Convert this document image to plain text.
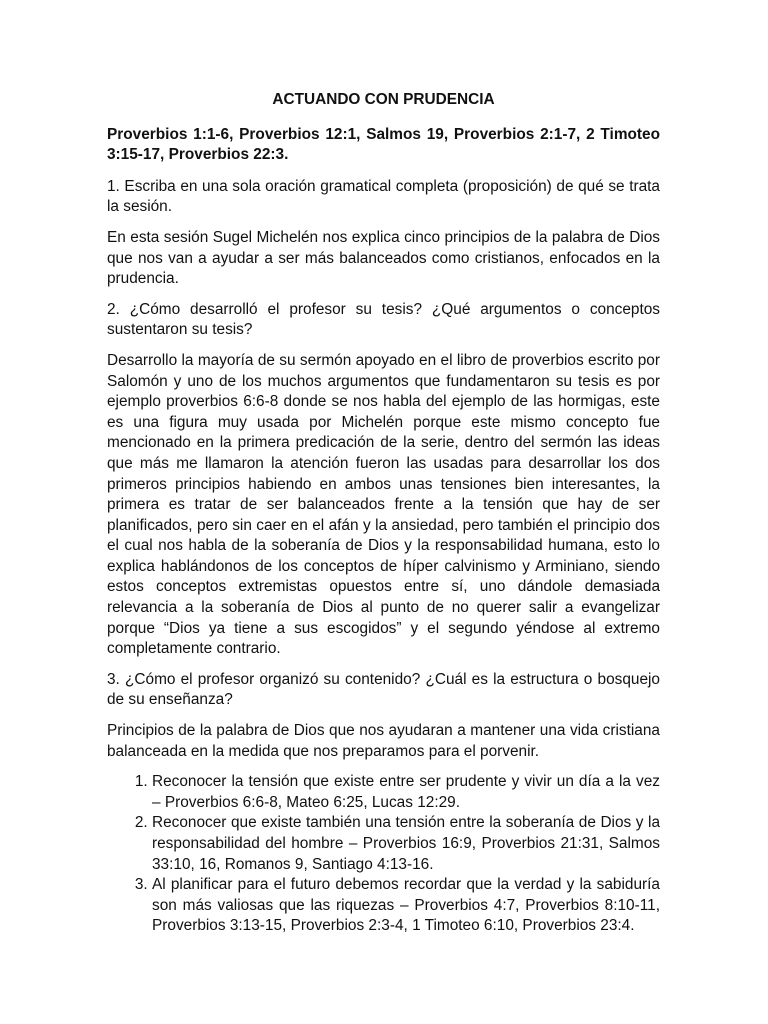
ACTUANDO CON PRUDENCIA

Proverbios 1:1-6, Proverbios 12:1, Salmos 19, Proverbios 2:1-7, 2 Timoteo 3:15-17, Proverbios 22:3.

1. Escriba en una sola oración gramatical completa (proposición) de qué se trata la sesión.

En esta sesión Sugel Michelén nos explica cinco principios de la palabra de Dios que nos van a ayudar a ser más balanceados como cristianos, enfocados en la prudencia.

2. ¿Cómo desarrolló el profesor su tesis? ¿Qué argumentos o conceptos sustentaron su tesis?

Desarrollo la mayoría de su sermón apoyado en el libro de proverbios escrito por Salomón y uno de los muchos argumentos que fundamentaron su tesis es por ejemplo proverbios 6:6-8 donde se nos habla del ejemplo de las hormigas, este es una figura muy usada por Michelén porque este mismo concepto fue mencionado en la primera predicación de la serie, dentro del sermón las ideas que más me llamaron la atención fueron las usadas para desarrollar los dos primeros principios habiendo en ambos unas tensiones bien interesantes, la primera es tratar de ser balanceados frente a la tensión que hay de ser planificados, pero sin caer en el afán y la ansiedad, pero también el principio dos el cual nos habla de la soberanía de Dios y la responsabilidad humana, esto lo explica hablándonos de los conceptos de híper calvinismo y Arminiano, siendo estos conceptos extremistas opuestos entre sí, uno dándole demasiada relevancia a la soberanía de Dios al punto de no querer salir a evangelizar porque “Dios ya tiene a sus escogidos” y el segundo yéndose al extremo completamente contrario.

3. ¿Cómo el profesor organizó su contenido? ¿Cuál es la estructura o bosquejo de su enseñanza?

Principios de la palabra de Dios que nos ayudaran a mantener una vida cristiana balanceada en la medida que nos preparamos para el porvenir.

1. Reconocer la tensión que existe entre ser prudente y vivir un día a la vez – Proverbios 6:6-8, Mateo 6:25, Lucas 12:29.
2. Reconocer que existe también una tensión entre la soberanía de Dios y la responsabilidad del hombre – Proverbios 16:9, Proverbios 21:31, Salmos 33:10, 16, Romanos 9, Santiago 4:13-16.
3. Al planificar para el futuro debemos recordar que la verdad y la sabiduría son más valiosas que las riquezas – Proverbios 4:7, Proverbios 8:10-11, Proverbios 3:13-15, Proverbios 2:3-4, 1 Timoteo 6:10, Proverbios 23:4.
